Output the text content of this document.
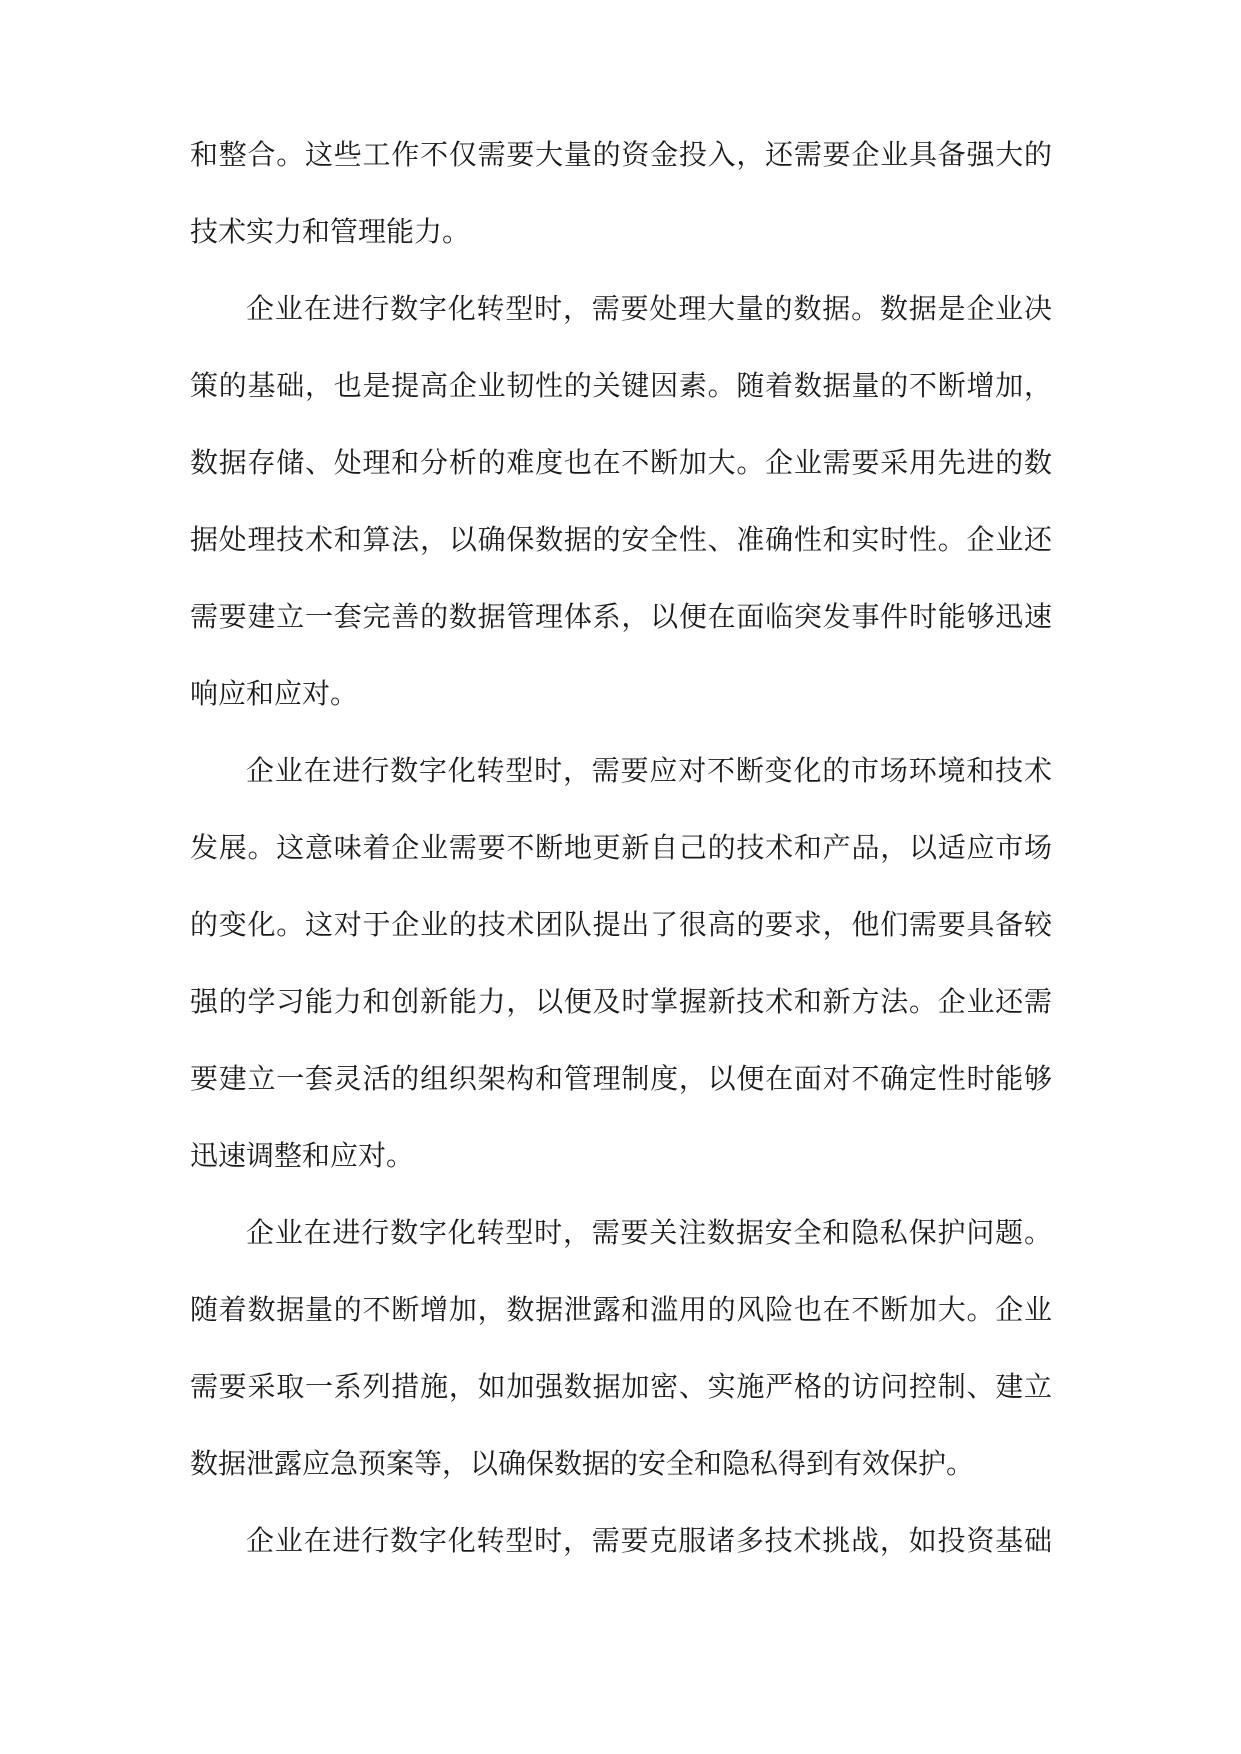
和整合。这些工作不仅需要大量的资金投入，还需要企业具备强大的
技术实力和管理能力。
企业在进行数字化转型时，需要处理大量的数据。数据是企业决
策的基础，也是提高企业韧性的关键因素。随着数据量的不断增加，
数据存储、处理和分析的难度也在不断加大。企业需要采用先进的数
据处理技术和算法，以确保数据的安全性、准确性和实时性。企业还
需要建立一套完善的数据管理体系，以便在面临突发事件时能够迅速
响应和应对。
企业在进行数字化转型时，需要应对不断变化的市场环境和技术
发展。这意味着企业需要不断地更新自己的技术和产品，以适应市场
的变化。这对于企业的技术团队提出了很高的要求，他们需要具备较
强的学习能力和创新能力，以便及时掌握新技术和新方法。企业还需
要建立一套灵活的组织架构和管理制度，以便在面对不确定性时能够
迅速调整和应对。
企业在进行数字化转型时，需要关注数据安全和隐私保护问题。
随着数据量的不断增加，数据泄露和滥用的风险也在不断加大。企业
需要采取一系列措施，如加强数据加密、实施严格的访问控制、建立
数据泄露应急预案等，以确保数据的安全和隐私得到有效保护。
企业在进行数字化转型时，需要克服诸多技术挑战，如投资基础
